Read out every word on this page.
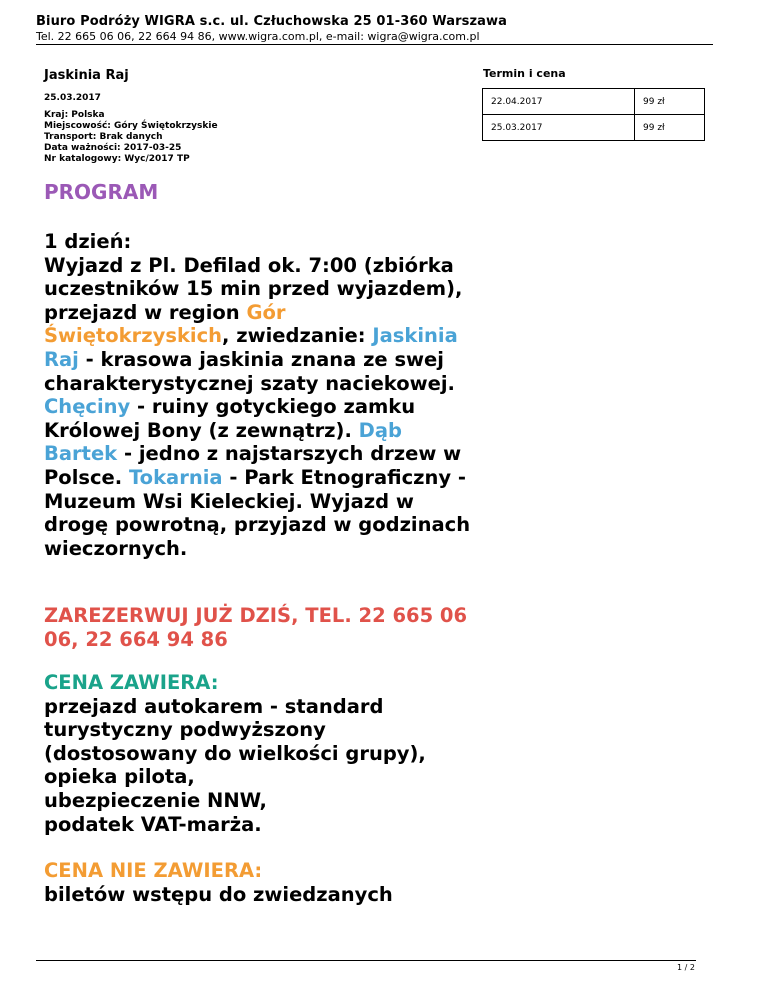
Biuro Podróży WIGRA s.c. ul. Człuchowska 25 01-360 Warszawa
Tel. 22 665 06 06, 22 664 94 86, www.wigra.com.pl, e-mail: wigra@wigra.com.pl
Jaskinia Raj
25.03.2017
Kraj: Polska
Miejscowość: Góry Świętokrzyskie
Transport: Brak danych
Data ważności: 2017-03-25
Nr katalogowy: Wyc/2017 TP
Termin i cena
22.04.2017	99 zł
25.03.2017	99 zł
PROGRAM
1 dzień:
Wyjazd z Pl. Defilad ok. 7:00 (zbiórka uczestników 15 min przed wyjazdem), przejazd w region Gór Świętokrzyskich, zwiedzanie: Jaskinia Raj - krasowa jaskinia znana ze swej charakterystycznej szaty naciekowej. Chęciny - ruiny gotyckiego zamku Królowej Bony (z zewnątrz). Dąb Bartek - jedno z najstarszych drzew w Polsce. Tokarnia - Park Etnograficzny - Muzeum Wsi Kieleckiej. Wyjazd w drogę powrotną, przyjazd w godzinach wieczornych.
ZAREZERWUJ JUŻ DZIŚ, TEL. 22 665 06 06, 22 664 94 86
CENA ZAWIERA:
przejazd autokarem - standard turystyczny podwyższony (dostosowany do wielkości grupy),
opieka pilota,
ubezpieczenie NNW,
podatek VAT-marża.
CENA NIE ZAWIERA:
biletów wstępu do zwiedzanych
1 / 2
